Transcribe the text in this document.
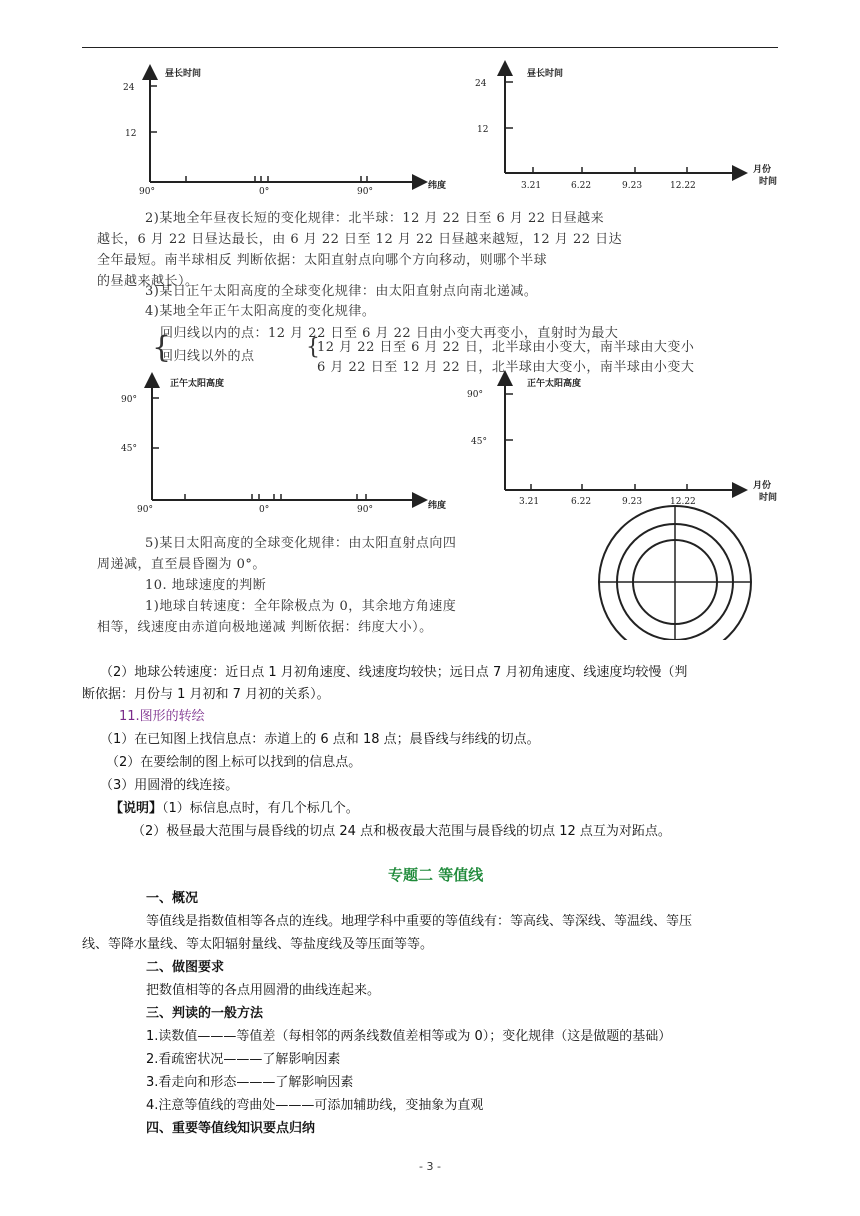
昼长时间
24
12
90°	0°	90°
纬度
昼长时间
24
12
3.21	6.22	9.23	12.22
月份
时间
{	{
正午太阳高度
90°
45°
90°	0°	90°	纬度
正午太阳高度
90°
45°
3.21	6.22	9.23	12.22
月份
时间
2)某地全年昼夜长短的变化规律：北半球：12 月 22 日至 6 月 22 日昼越来
越长，6 月 22 日昼达最长，由 6 月 22 日至 12 月 22 日昼越来越短，12 月 22 日达
全年最短。南半球相反 判断依据：太阳直射点向哪个方向移动，则哪个半球
的昼越来越长）。
3)某日正午太阳高度的全球变化规律：由太阳直射点向南北递减。
4)某地全年正午太阳高度的变化规律。
回归线以内的点：12 月 22 日至 6 月 22 日由小变大再变小，直射时为最大
回归线以外的点
12 月 22 日至 6 月 22 日，北半球由小变大，南半球由大变小
6 月 22 日至 12 月 22 日，北半球由大变小，南半球由小变大
5)某日太阳高度的全球变化规律：由太阳直射点向四
周递减，直至晨昏圈为 0°。
10. 地球速度的判断
1)地球自转速度：全年除极点为 0，其余地方角速度
相等，线速度由赤道向极地递减 判断依据：纬度大小）。
（2）地球公转速度：近日点 1 月初角速度、线速度均较快；远日点 7 月初角速度、线速度均较慢（判
断依据：月份与 1 月初和 7 月初的关系）。
11.图形的转绘
（1）在已知图上找信息点：赤道上的 6 点和 18 点；晨昏线与纬线的切点。
（2）在要绘制的图上标可以找到的信息点。
（3）用圆滑的线连接。
【说明】（1）标信息点时，有几个标几个。
（2）极昼最大范围与晨昏线的切点 24 点和极夜最大范围与晨昏线的切点 12 点互为对跖点。
专题二 等值线
一、概况
等值线是指数值相等各点的连线。地理学科中重要的等值线有：等高线、等深线、等温线、等压
线、等降水量线、等太阳辐射量线、等盐度线及等压面等等。
二、做图要求
把数值相等的各点用圆滑的曲线连起来。
三、判读的一般方法
1.读数值———等值差（每相邻的两条线数值差相等或为 0）；变化规律（这是做题的基础）
2.看疏密状况———了解影响因素
3.看走向和形态———了解影响因素
4.注意等值线的弯曲处———可添加辅助线，变抽象为直观
四、重要等值线知识要点归纳
- 3 -
